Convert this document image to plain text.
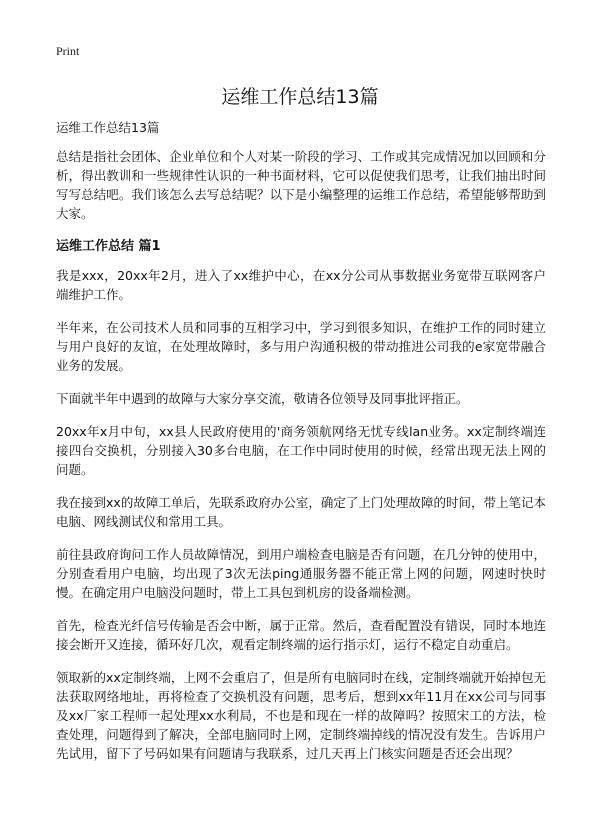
Print
运维工作总结13篇

运维工作总结13篇

总结是指社会团体、企业单位和个人对某一阶段的学习、工作或其完成情况加以回顾和分析，得出教训和一些规律性认识的一种书面材料，它可以促使我们思考，让我们抽出时间写写总结吧。我们该怎么去写总结呢？以下是小编整理的运维工作总结，希望能够帮助到大家。

运维工作总结 篇1

我是xxx，20xx年2月，进入了xx维护中心，在xx分公司从事数据业务宽带互联网客户端维护工作。

半年来，在公司技术人员和同事的互相学习中，学习到很多知识，在维护工作的同时建立与用户良好的友谊，在处理故障时，多与用户沟通积极的带动推进公司我的e家宽带融合业务的发展。

下面就半年中遇到的故障与大家分享交流，敬请各位领导及同事批评指正。

20xx年x月中旬，xx县人民政府使用的'商务领航网络无忧专线lan业务。xx定制终端连接四台交换机，分别接入30多台电脑，在工作中同时使用的时候，经常出现无法上网的问题。

我在接到xx的故障工单后，先联系政府办公室，确定了上门处理故障的时间，带上笔记本电脑、网线测试仪和常用工具。

前往县政府询问工作人员故障情况，到用户端检查电脑是否有问题，在几分钟的使用中，分别查看用户电脑，均出现了3次无法ping通服务器不能正常上网的问题，网速时快时慢。在确定用户电脑没问题时，带上工具包到机房的设备端检测。

首先，检查光纤信号传输是否会中断，属于正常。然后，查看配置没有错误，同时本地连接会断开又连接，循环好几次，观看定制终端的运行指示灯，运行不稳定自动重启。

领取新的xx定制终端，上网不会重启了，但是所有电脑同时在线，定制终端就开始掉包无法获取网络地址，再将检查了交换机没有问题，思考后，想到xx年11月在xx公司与同事及xx厂家工程师一起处理xx水利局，不也是和现在一样的故障吗？按照宋工的方法，检查处理，问题得到了解决，全部电脑同时上网，定制终端掉线的情况没有发生。告诉用户先试用，留下了号码如果有问题请与我联系，过几天再上门核实问题是否还会出现？
